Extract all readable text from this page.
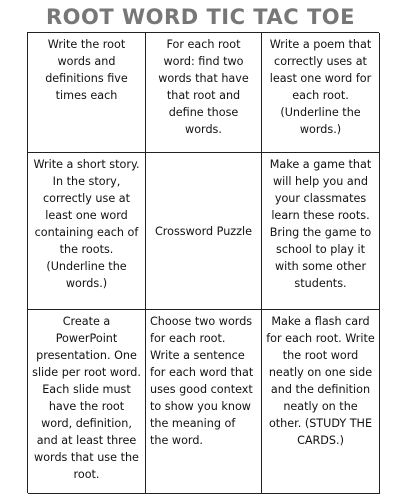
ROOT WORD TIC TAC TOE

Write the root words and definitions five times each

For each root word: find two words that have that root and define those words.

Write a poem that correctly uses at least one word for each root. (Underline the words.)

Write a short story. In the story, correctly use at least one word containing each of the roots. (Underline the words.)

Crossword Puzzle

Make a game that will help you and your classmates learn these roots. Bring the game to school to play it with some other students.

Create a PowerPoint presentation. One slide per root word. Each slide must have the root word, definition, and at least three words that use the root.

Choose two words for each root. Write a sentence for each word that uses good context to show you know the meaning of the word.

Make a flash card for each root. Write the root word neatly on one side and the definition neatly on the other. (STUDY THE CARDS.)
